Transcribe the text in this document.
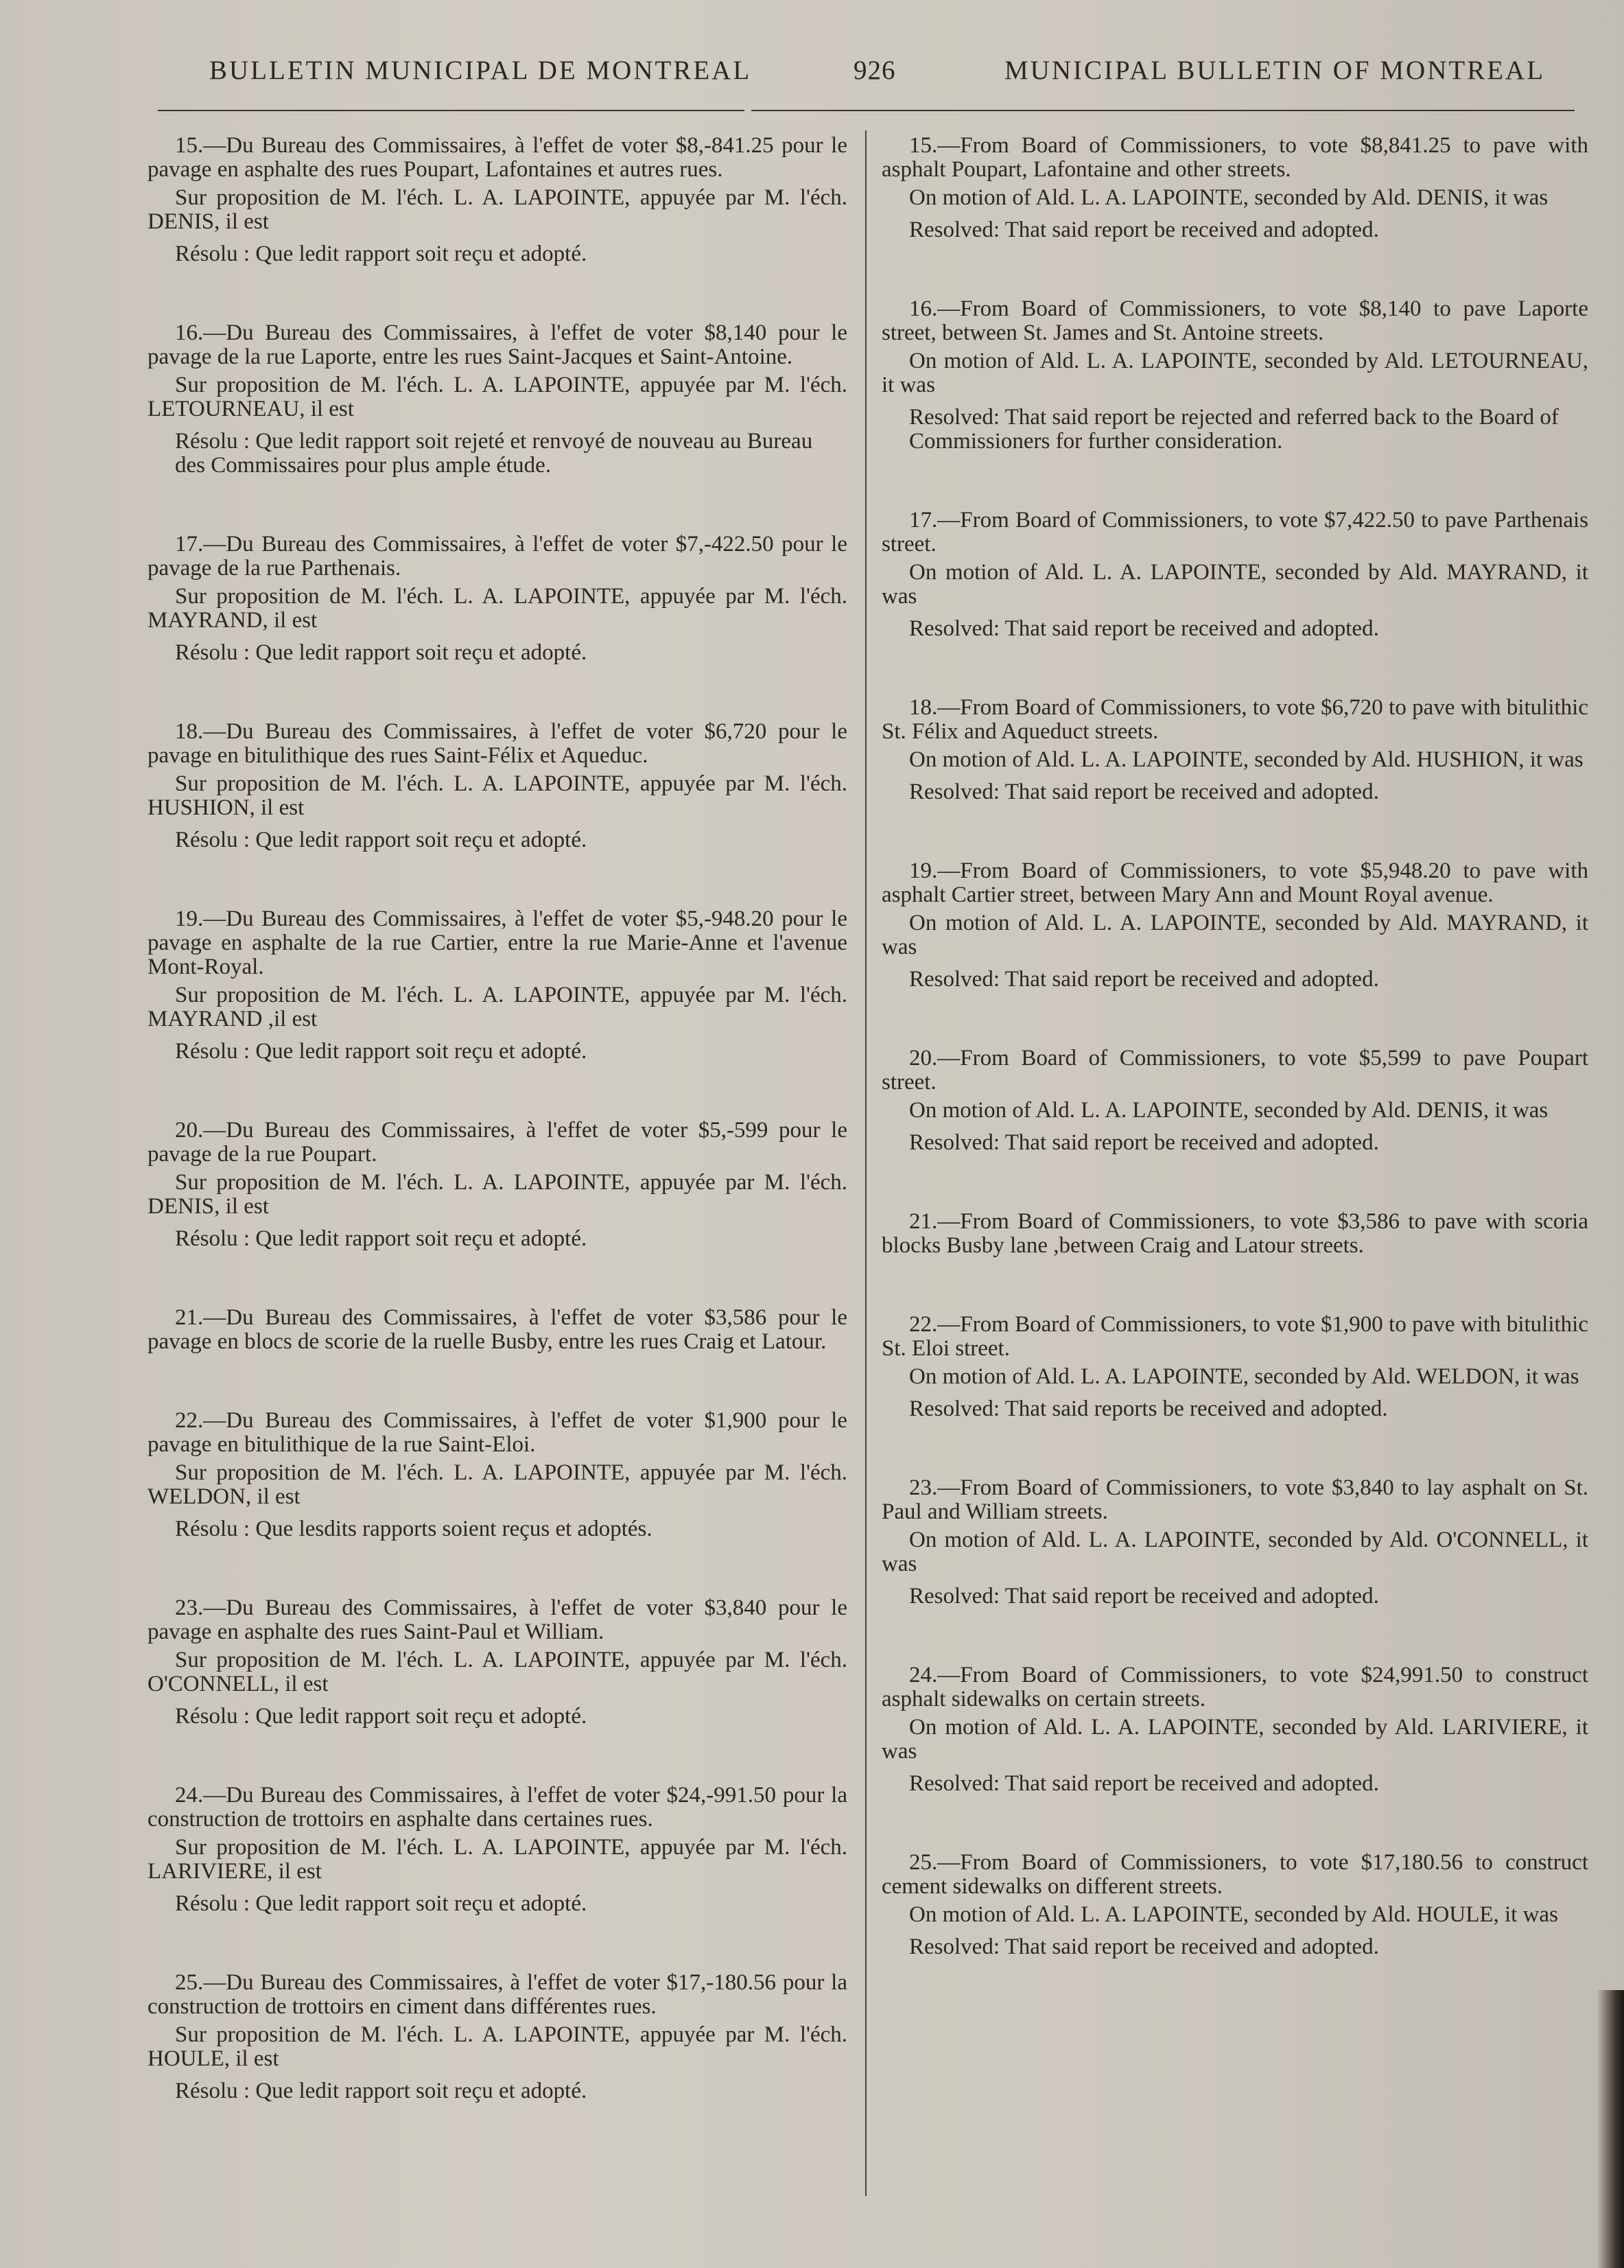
BULLETIN MUNICIPAL DE MONTREAL	926	MUNICIPAL BULLETIN OF MONTREAL

15.—Du Bureau des Commissaires, à l'effet de voter $8,-841.25 pour le pavage en asphalte des rues Poupart, Lafontaines et autres rues.

Sur proposition de M. l'éch. L. A. LAPOINTE, appuyée par M. l'éch. DENIS, il est

Résolu : Que ledit rapport soit reçu et adopté.

16.—Du Bureau des Commissaires, à l'effet de voter $8,140 pour le pavage de la rue Laporte, entre les rues Saint-Jacques et Saint-Antoine.

Sur proposition de M. l'éch. L. A. LAPOINTE, appuyée par M. l'éch. LETOURNEAU, il est

Résolu : Que ledit rapport soit rejeté et renvoyé de nouveau au Bureau des Commissaires pour plus ample étude.

17.—Du Bureau des Commissaires, à l'effet de voter $7,-422.50 pour le pavage de la rue Parthenais.

Sur proposition de M. l'éch. L. A. LAPOINTE, appuyée par M. l'éch. MAYRAND, il est

Résolu : Que ledit rapport soit reçu et adopté.

18.—Du Bureau des Commissaires, à l'effet de voter $6,720 pour le pavage en bitulithique des rues Saint-Félix et Aqueduc.

Sur proposition de M. l'éch. L. A. LAPOINTE, appuyée par M. l'éch. HUSHION, il est

Résolu : Que ledit rapport soit reçu et adopté.

19.—Du Bureau des Commissaires, à l'effet de voter $5,-948.20 pour le pavage en asphalte de la rue Cartier, entre la rue Marie-Anne et l'avenue Mont-Royal.

Sur proposition de M. l'éch. L. A. LAPOINTE, appuyée par M. l'éch. MAYRAND ,il est

Résolu : Que ledit rapport soit reçu et adopté.

20.—Du Bureau des Commissaires, à l'effet de voter $5,-599 pour le pavage de la rue Poupart.

Sur proposition de M. l'éch. L. A. LAPOINTE, appuyée par M. l'éch. DENIS, il est

Résolu : Que ledit rapport soit reçu et adopté.

21.—Du Bureau des Commissaires, à l'effet de voter $3,586 pour le pavage en blocs de scorie de la ruelle Busby, entre les rues Craig et Latour.

22.—Du Bureau des Commissaires, à l'effet de voter $1,900 pour le pavage en bitulithique de la rue Saint-Eloi.

Sur proposition de M. l'éch. L. A. LAPOINTE, appuyée par M. l'éch. WELDON, il est

Résolu : Que lesdits rapports soient reçus et adoptés.

23.—Du Bureau des Commissaires, à l'effet de voter $3,840 pour le pavage en asphalte des rues Saint-Paul et William.

Sur proposition de M. l'éch. L. A. LAPOINTE, appuyée par M. l'éch. O'CONNELL, il est

Résolu : Que ledit rapport soit reçu et adopté.

24.—Du Bureau des Commissaires, à l'effet de voter $24,-991.50 pour la construction de trottoirs en asphalte dans certaines rues.

Sur proposition de M. l'éch. L. A. LAPOINTE, appuyée par M. l'éch. LARIVIERE, il est

Résolu : Que ledit rapport soit reçu et adopté.

25.—Du Bureau des Commissaires, à l'effet de voter $17,-180.56 pour la construction de trottoirs en ciment dans différentes rues.

Sur proposition de M. l'éch. L. A. LAPOINTE, appuyée par M. l'éch. HOULE, il est

Résolu : Que ledit rapport soit reçu et adopté.

15.—From Board of Commissioners, to vote $8,841.25 to pave with asphalt Poupart, Lafontaine and other streets.

On motion of Ald. L. A. LAPOINTE, seconded by Ald. DENIS, it was

Resolved: That said report be received and adopted.

16.—From Board of Commissioners, to vote $8,140 to pave Laporte street, between St. James and St. Antoine streets.

On motion of Ald. L. A. LAPOINTE, seconded by Ald. LETOURNEAU, it was

Resolved: That said report be rejected and referred back to the Board of Commissioners for further consideration.

17.—From Board of Commissioners, to vote $7,422.50 to pave Parthenais street.

On motion of Ald. L. A. LAPOINTE, seconded by Ald. MAYRAND, it was

Resolved: That said report be received and adopted.

18.—From Board of Commissioners, to vote $6,720 to pave with bitulithic St. Félix and Aqueduct streets.

On motion of Ald. L. A. LAPOINTE, seconded by Ald. HUSHION, it was

Resolved: That said report be received and adopted.

19.—From Board of Commissioners, to vote $5,948.20 to pave with asphalt Cartier street, between Mary Ann and Mount Royal avenue.

On motion of Ald. L. A. LAPOINTE, seconded by Ald. MAYRAND, it was

Resolved: That said report be received and adopted.

20.—From Board of Commissioners, to vote $5,599 to pave Poupart street.

On motion of Ald. L. A. LAPOINTE, seconded by Ald. DENIS, it was

Resolved: That said report be received and adopted.

21.—From Board of Commissioners, to vote $3,586 to pave with scoria blocks Busby lane ,between Craig and Latour streets.

22.—From Board of Commissioners, to vote $1,900 to pave with bitulithic St. Eloi street.

On motion of Ald. L. A. LAPOINTE, seconded by Ald. WELDON, it was

Resolved: That said reports be received and adopted.

23.—From Board of Commissioners, to vote $3,840 to lay asphalt on St. Paul and William streets.

On motion of Ald. L. A. LAPOINTE, seconded by Ald. O'CONNELL, it was

Resolved: That said report be received and adopted.

24.—From Board of Commissioners, to vote $24,991.50 to construct asphalt sidewalks on certain streets.

On motion of Ald. L. A. LAPOINTE, seconded by Ald. LARIVIERE, it was

Resolved: That said report be received and adopted.

25.—From Board of Commissioners, to vote $17,180.56 to construct cement sidewalks on different streets.

On motion of Ald. L. A. LAPOINTE, seconded by Ald. HOULE, it was

Resolved: That said report be received and adopted.
